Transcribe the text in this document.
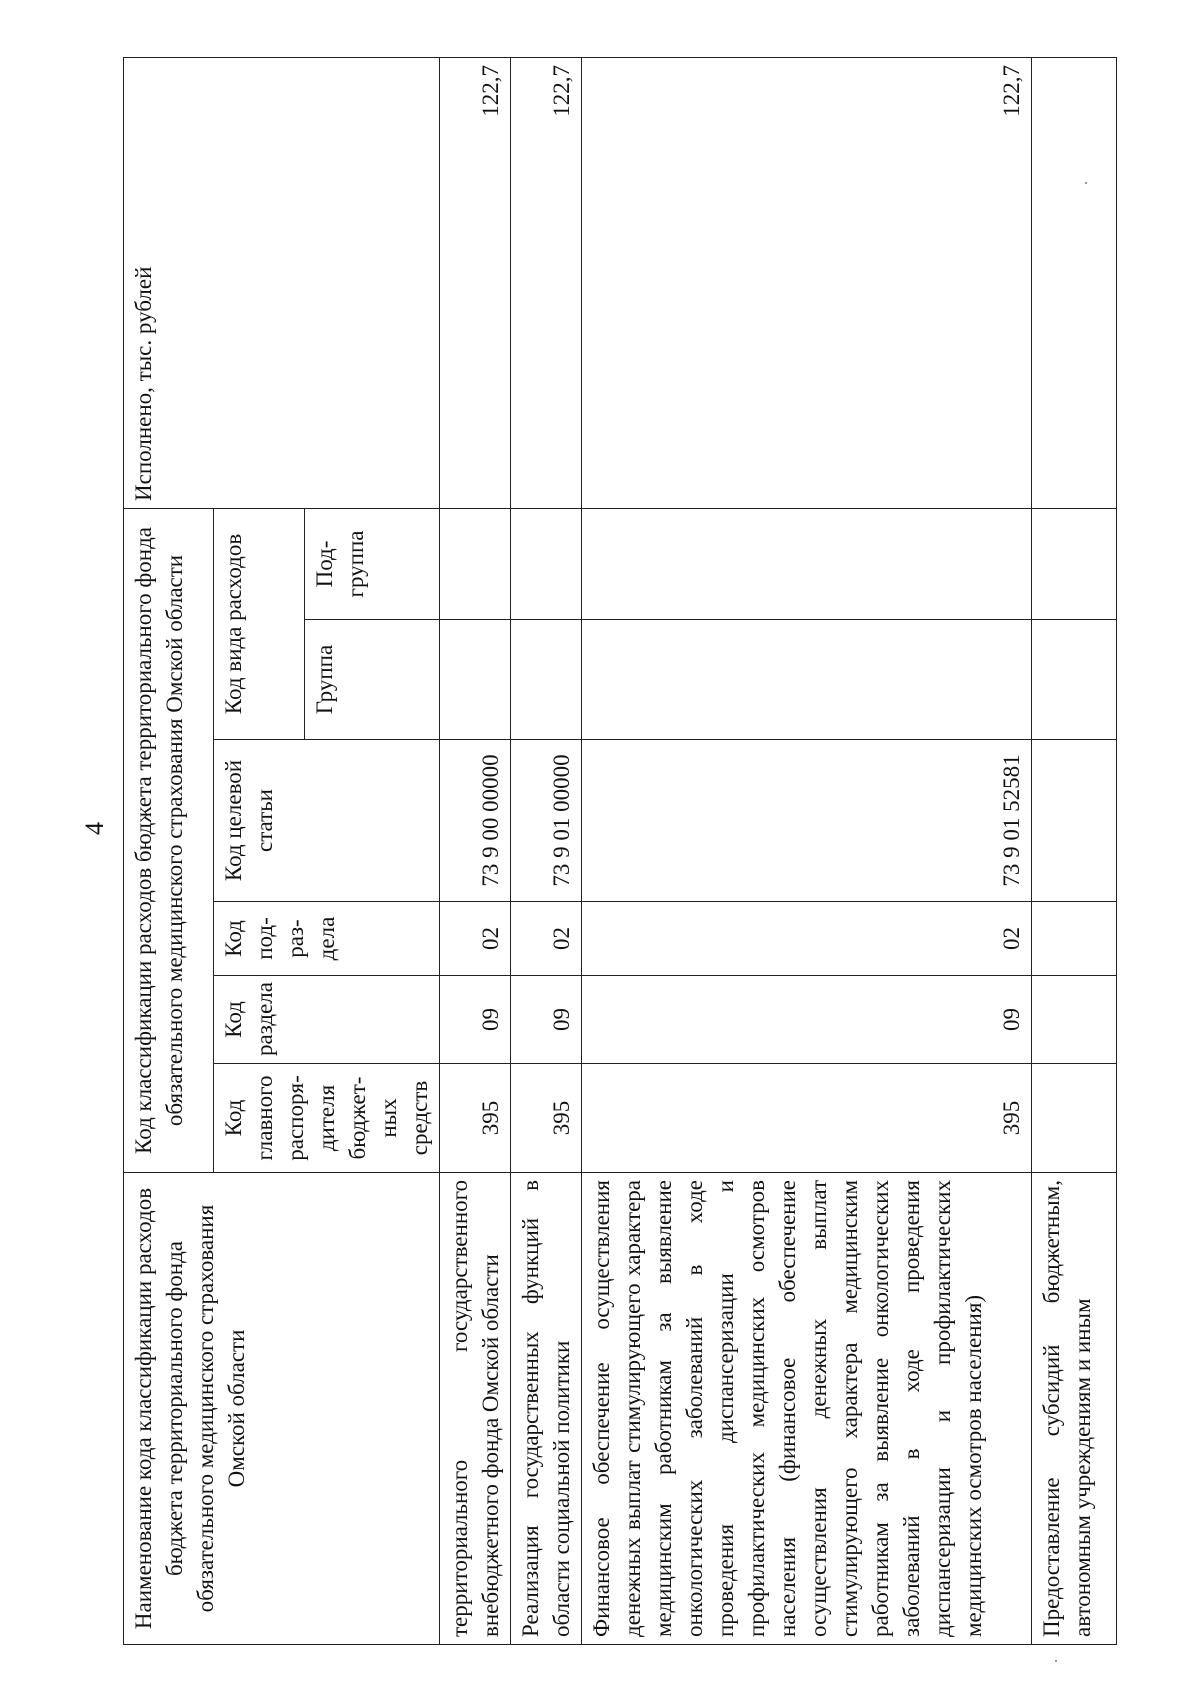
4
Наименование кода классификации расходов бюджета территориального фонда обязательного медицинского страхования Омской области	Код классификации расходов бюджета территориального фонда обязательного медицинского страхования Омской области						Исполнено, тыс. рублей
	Код главного распоря-дителя бюджет-ных средств	Код раздела	Код под-раз-дела	Код целевой статьи	Код вида расходов		
					Группа	Под-группа	
территориального государственного внебюджетного фонда Омской области	395	09	02	73 9 00 00000			122,7
Реализация государственных функций в области социальной политики	395	09	02	73 9 01 00000			122,7
Финансовое обеспечение осуществления денежных выплат стимулирующего характера медицинским работникам за выявление онкологических заболеваний в ходе проведения диспансеризации и профилактических медицинских осмотров населения (финансовое обеспечение осуществления денежных выплат стимулирующего характера медицинским работникам за выявление онкологических заболеваний в ходе проведения диспансеризации и профилактических медицинских осмотров населения)	395	09	02	73 9 01 52581			122,7
Предоставление субсидий бюджетным, автономным учреждениям и иным							
